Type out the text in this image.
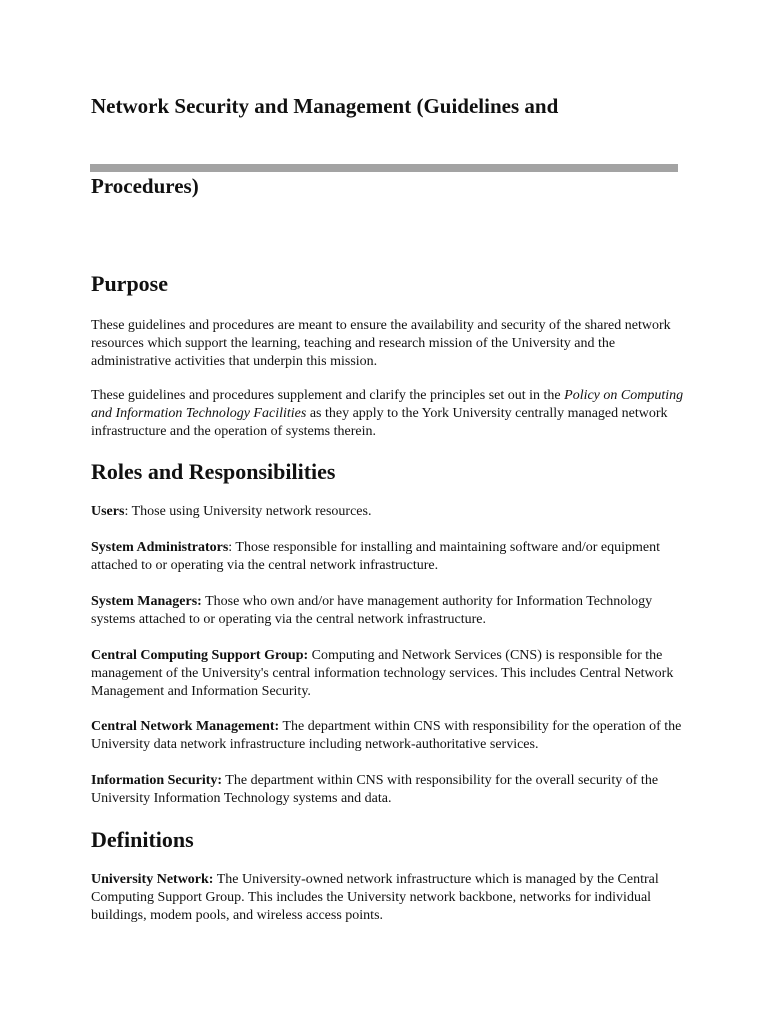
Network Security and Management (Guidelines and
Procedures)
Purpose

These guidelines and procedures are meant to ensure the availability and security of the shared network resources which support the learning, teaching and research mission of the University and the administrative activities that underpin this mission.

These guidelines and procedures supplement and clarify the principles set out in the Policy on Computing and Information Technology Facilities as they apply to the York University centrally managed network infrastructure and the operation of systems therein.

Roles and Responsibilities

Users: Those using University network resources.

System Administrators: Those responsible for installing and maintaining software and/or equipment attached to or operating via the central network infrastructure.

System Managers: Those who own and/or have management authority for Information Technology systems attached to or operating via the central network infrastructure.

Central Computing Support Group: Computing and Network Services (CNS) is responsible for the management of the University's central information technology services. This includes Central Network Management and Information Security.

Central Network Management: The department within CNS with responsibility for the operation of the University data network infrastructure including network-authoritative services.

Information Security: The department within CNS with responsibility for the overall security of the University Information Technology systems and data.

Definitions

University Network: The University-owned network infrastructure which is managed by the Central Computing Support Group. This includes the University network backbone, networks for individual buildings, modem pools, and wireless access points.
